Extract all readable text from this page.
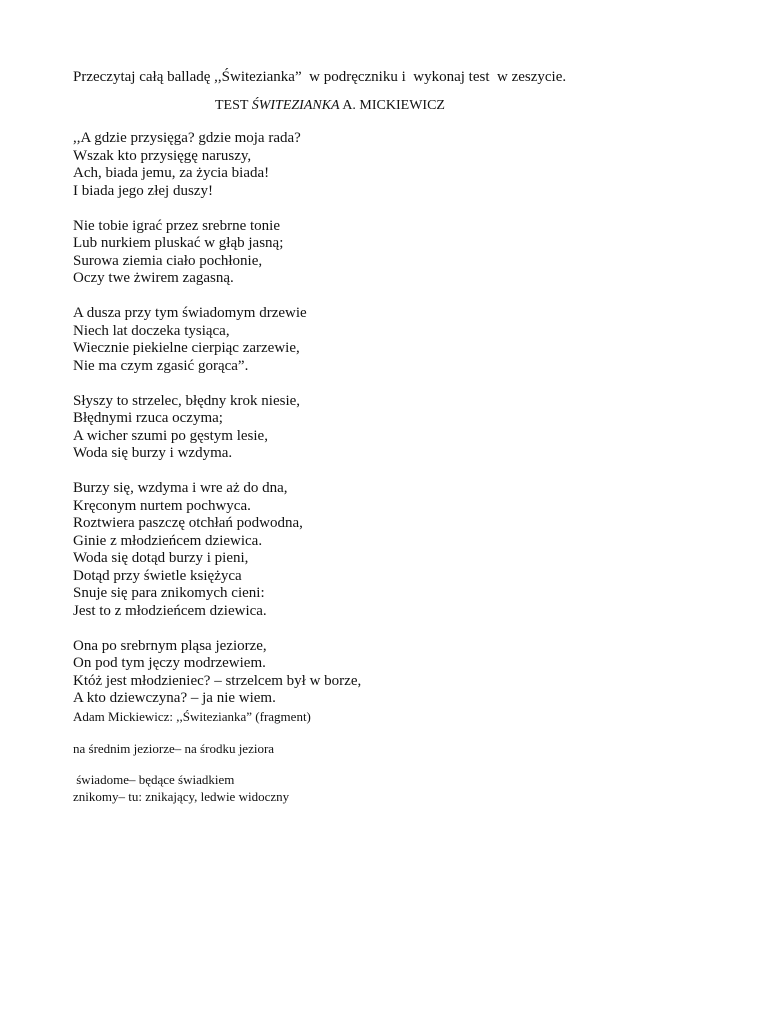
Przeczytaj całą balladę ,,Świtezianka”  w podręczniku i  wykonaj test  w zeszycie.
TEST ŚWITEZIANKA A. MICKIEWICZ
,,A gdzie przysięga? gdzie moja rada?
Wszak kto przysięgę naruszy,
Ach, biada jemu, za życia biada!
I biada jego złej duszy!
Nie tobie igrać przez srebrne tonie
Lub nurkiem pluskać w głąb jasną;
Surowa ziemia ciało pochłonie,
Oczy twe żwirem zagasną.
A dusza przy tym świadomym drzewie
Niech lat doczeka tysiąca,
Wiecznie piekielne cierpiąc zarzewie,
Nie ma czym zgasić gorąca”.
Słyszy to strzelec, błędny krok niesie,
Błędnymi rzuca oczyma;
A wicher szumi po gęstym lesie,
Woda się burzy i wzdyma.
Burzy się, wzdyma i wre aż do dna,
Kręconym nurtem pochwyca.
Roztwiera paszczę otchłań podwodna,
Ginie z młodzieńcem dziewica.
Woda się dotąd burzy i pieni,
Dotąd przy świetle księżyca
Snuje się para znikomych cieni:
Jest to z młodzieńcem dziewica.
Ona po srebrnym pląsa jeziorze,
On pod tym jęczy modrzewiem.
Któż jest młodzieniec? – strzelcem był w borze,
A kto dziewczyna? – ja nie wiem.
Adam Mickiewicz: ,,Świtezianka” (fragment)
na średnim jeziorze– na środku jeziora
świadome– będące świadkiem
znikomy– tu: znikający, ledwie widoczny
